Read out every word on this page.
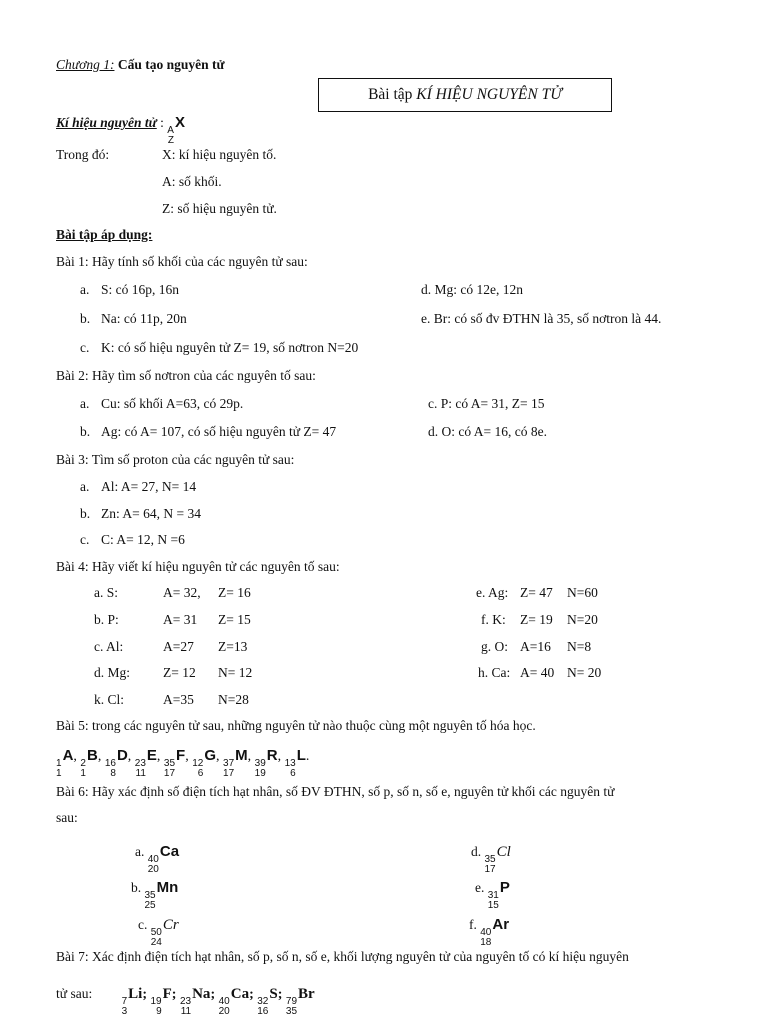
Chương 1: Cấu tạo nguyên tử
Bài tập KÍ HIỆU NGUYÊN TỬ
Kí hiệu nguyên tử :
A
Z
X
Trong đó:	X: kí hiệu nguyên tố.
A: số khối.
Z: số hiệu nguyên tử.
Bài tập áp dụng:
Bài 1: Hãy tính số khối của các nguyên tử sau:
a. S: có 16p, 16n
b. Na: có 11p, 20n
c. K: có số hiệu nguyên tử Z= 19, số nơtron N=20
d. Mg: có 12e, 12n
e. Br: có số đv ĐTHN là 35, số nơtron là 44.
Bài 2: Hãy tìm số nơtron của các nguyên tố sau:
a. Cu: số khối A=63, có 29p.
b. Ag: có A= 107, có số hiệu nguyên tử Z= 47
c. P: có A= 31, Z= 15
d. O: có A= 16, có 8e.
Bài 3: Tìm số proton của các nguyên tử sau:
a. Al: A= 27, N= 14
b. Zn: A= 64, N = 34
c. C: A= 12, N =6
Bài 4: Hãy viết kí hiệu nguyên tử các nguyên tố sau:
a. S:	A= 32, Z= 16	e. Ag: Z= 47 N=60
b. P:	A= 31 Z= 15	f. K: Z= 19 N=20
c. Al:	A=27 Z=13	g. O: A=16 N=8
d. Mg: Z= 12 N= 12	h. Ca: A= 40 N= 20
k. Cl:	A=35 N=28
Bài 5: trong các nguyên tử sau, những nguyên tử nào thuộc cùng một nguyên tố hóa học.
1
1
A, 2
1
B, 16
8
D, 23
11
E, 35
17
F, 12
6
G, 37
17
M, 39
19
R, 13
6
L.
Bài 6: Hãy xác định số điện tích hạt nhân, số ĐV ĐTHN, số p, số n, số e, nguyên tử khối các nguyên tử
sau:
a.
40
20
Ca
b.
35
25
Mn
c.
50
24
Cr
d.
35
17
Cl
e.
31
15
P
f.
40
18
Ar
Bài 7: Xác định điện tích hạt nhân, số p, số n, số e, khối lượng nguyên tử của nguyên tố có kí hiệu nguyên
tử sau:
7
3
Li; 19
9
F; 23
11
Na; 40
20
Ca; 32
16
S; 79
35
Br
